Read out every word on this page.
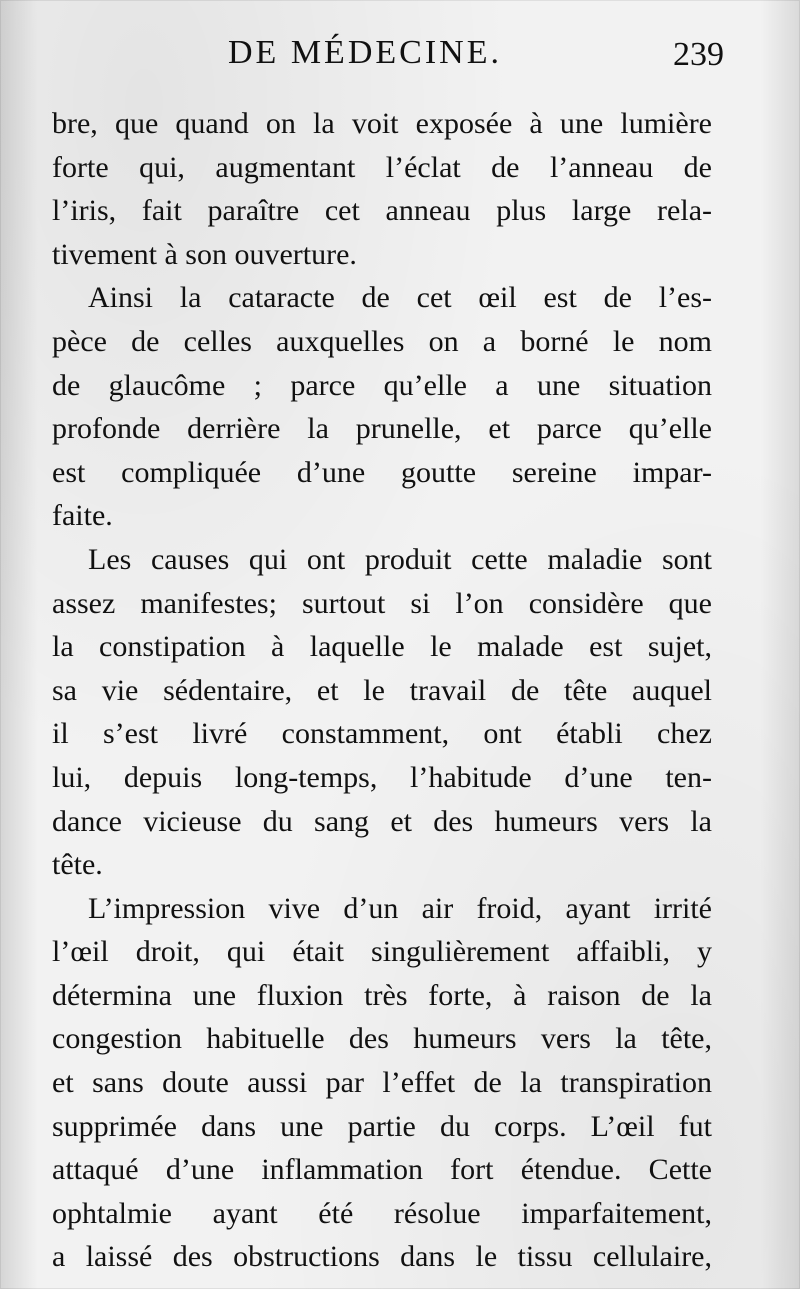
DE MÉDECINE.	239
bre, que quand on la voit exposée à une lumière
forte qui, augmentant l’éclat de l’anneau de
l’iris, fait paraître cet anneau plus large rela-
tivement à son ouverture.
Ainsi la cataracte de cet œil est de l’es-
pèce de celles auxquelles on a borné le nom
de glaucôme ; parce qu’elle a une situation
profonde derrière la prunelle, et parce qu’elle
est compliquée d’une goutte sereine impar-
faite.
Les causes qui ont produit cette maladie sont
assez manifestes; surtout si l’on considère que
la constipation à laquelle le malade est sujet,
sa vie sédentaire, et le travail de tête auquel
il s’est livré constamment, ont établi chez
lui, depuis long-temps, l’habitude d’une ten-
dance vicieuse du sang et des humeurs vers la
tête.
L’impression vive d’un air froid, ayant irrité
l’œil droit, qui était singulièrement affaibli, y
détermina une fluxion très forte, à raison de la
congestion habituelle des humeurs vers la tête,
et sans doute aussi par l’effet de la transpiration
supprimée dans une partie du corps. L’œil fut
attaqué d’une inflammation fort étendue. Cette
ophtalmie ayant été résolue imparfaitement,
a laissé des obstructions dans le tissu cellulaire,
